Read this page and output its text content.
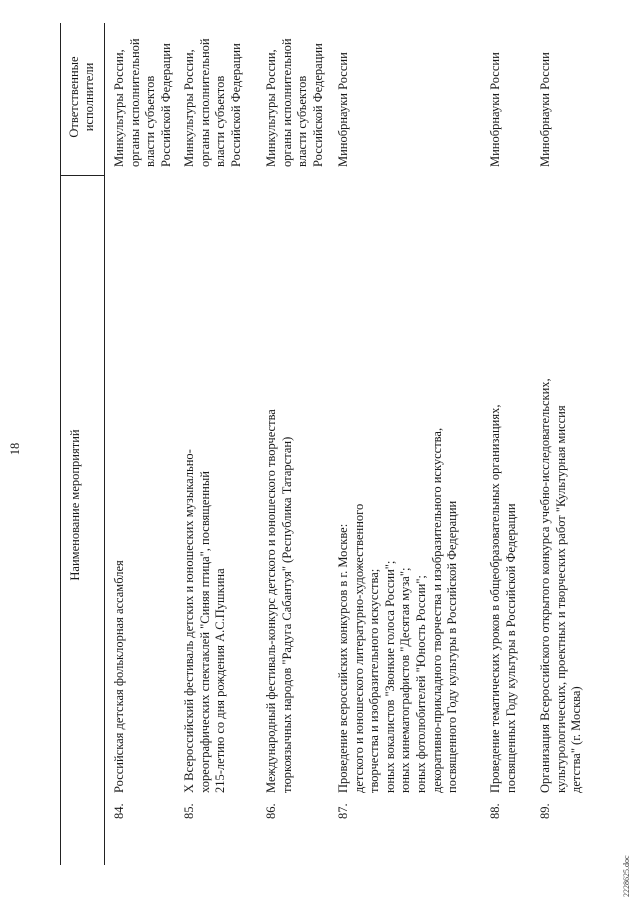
18	Наименование мероприятий
Ответственные исполнители
84.
Российская детская фольклорная ассамблея
Минкультуры России, органы исполнительной власти субъектов Российской Федерации
85.
X Всероссийский фестиваль детских и юношеских музыкально- хореографических спектаклей "Синяя птица", посвященный 215-летию со дня рождения А.С.Пушкина
Минкультуры России, органы исполнительной власти субъектов Российской Федерации
86.
Международный фестиваль-конкурс детского и юношеского творчества тюркоязычных народов "Радуга Сабантуя" (Республика Татарстан)
Минкультуры России, органы исполнительной власти субъектов Российской Федерации
87.
Проведение всероссийских конкурсов в г. Москве: детского и юношеского литературно-художественного творчества и изобразительного искусства; юных вокалистов "Звонкие голоса России"; юных кинематографистов "Десятая муза"; юных фотолюбителей "Юность России"; декоративно-прикладного творчества и изобразительного искусства, посвященного Году культуры в Российской Федерации
Минобрнауки России
88.
Проведение тематических уроков в общеобразовательных организациях, посвященных Году культуры в Российской Федерации
Минобрнауки России
89.
Организация Всероссийского открытого конкурса учебно-исследовательских, культурологических, проектных и творческих работ "Культурная миссия детства" (г. Москва)
Минобрнауки России
2228625.doc
